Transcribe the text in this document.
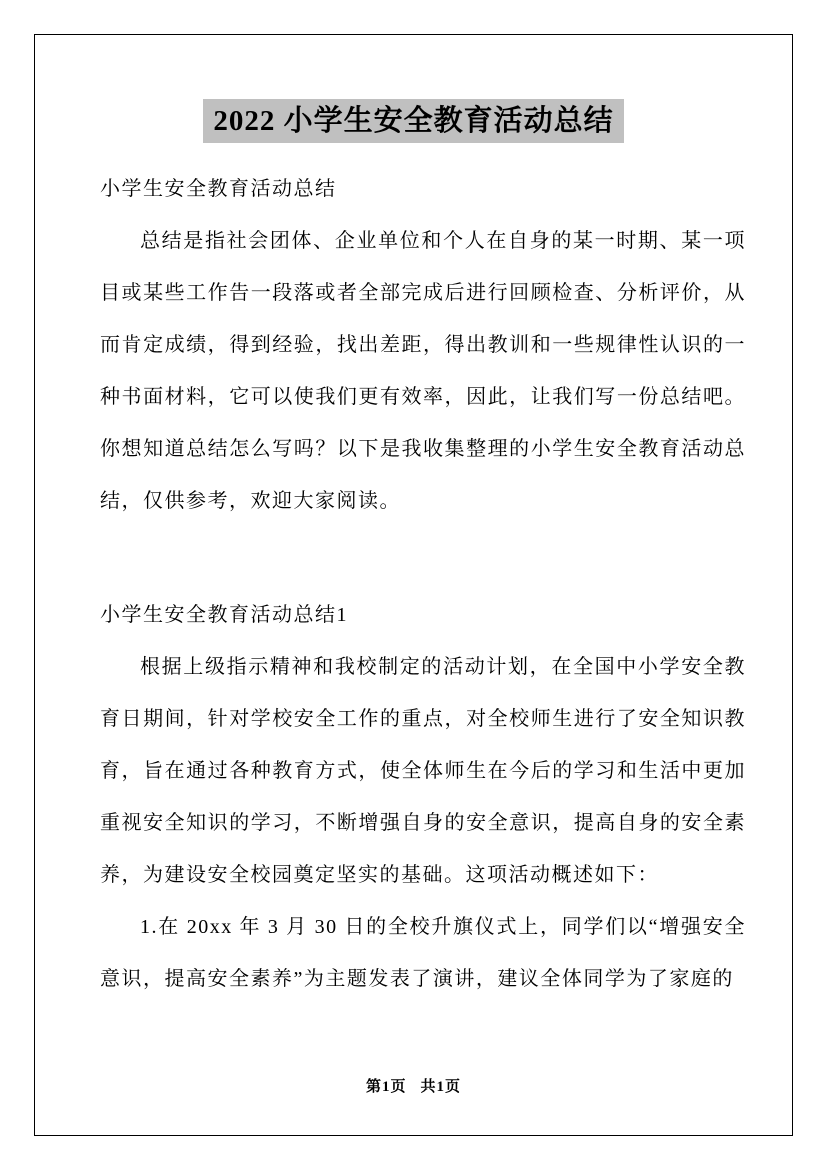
2022 小学生安全教育活动总结

小学生安全教育活动总结

总结是指社会团体、企业单位和个人在自身的某一时期、某一项目或某些工作告一段落或者全部完成后进行回顾检查、分析评价，从而肯定成绩，得到经验，找出差距，得出教训和一些规律性认识的一种书面材料，它可以使我们更有效率，因此，让我们写一份总结吧。你想知道总结怎么写吗？以下是我收集整理的小学生安全教育活动总结，仅供参考，欢迎大家阅读。

小学生安全教育活动总结1

根据上级指示精神和我校制定的活动计划，在全国中小学安全教育日期间，针对学校安全工作的重点，对全校师生进行了安全知识教育，旨在通过各种教育方式，使全体师生在今后的学习和生活中更加重视安全知识的学习，不断增强自身的安全意识，提高自身的安全素养，为建设安全校园奠定坚实的基础。这项活动概述如下：

1.在 20xx 年 3 月 30 日的全校升旗仪式上，同学们以“增强安全意识，提高安全素养”为主题发表了演讲，建议全体同学为了家庭的

第1页 共1页
